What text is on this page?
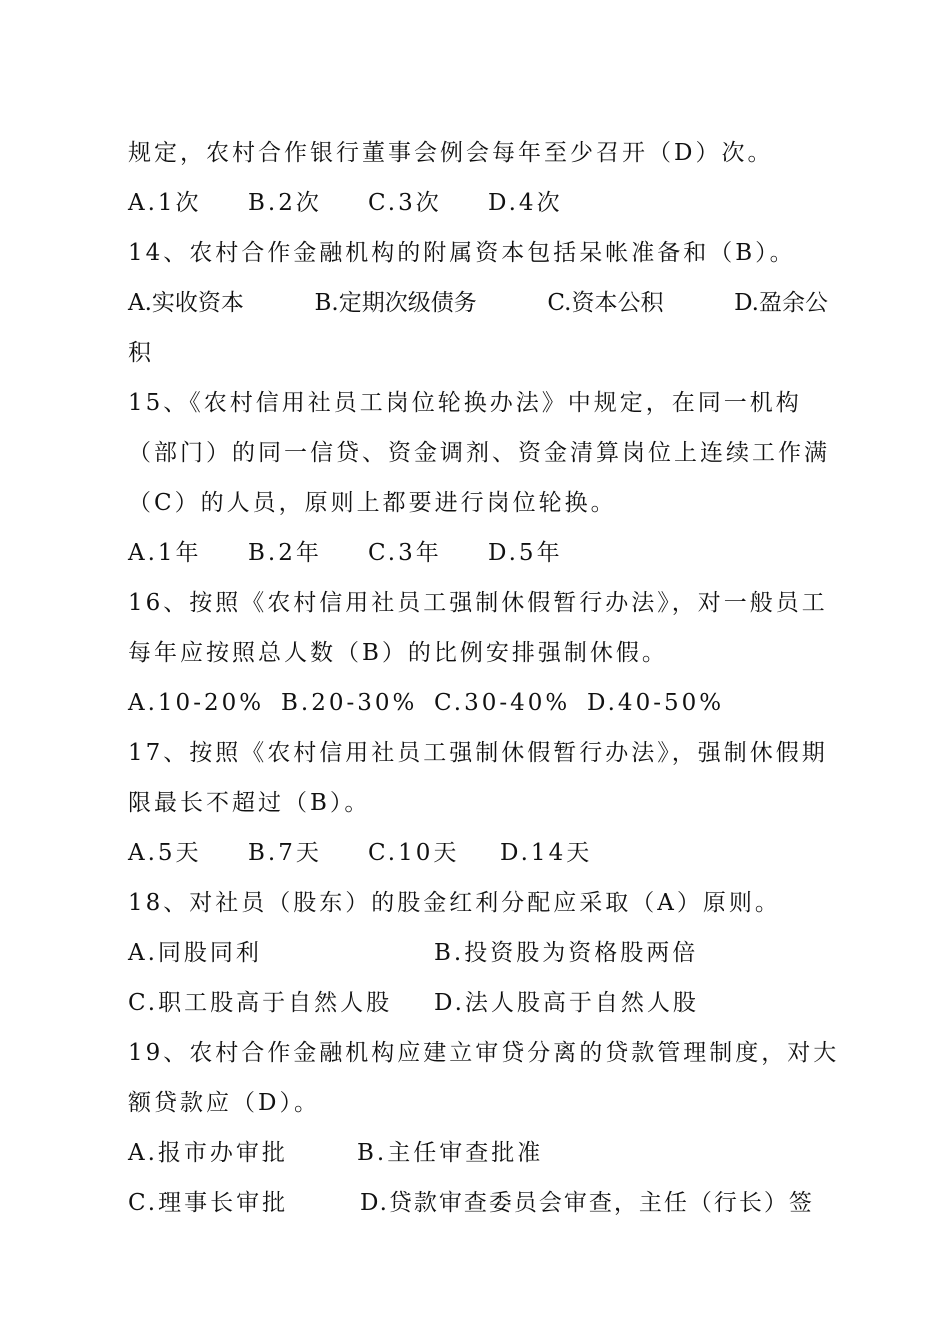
规定，农村合作银行董事会例会每年至少召开（D）次。
A.1次	B.2次	C.3次	D.4次
14、农村合作金融机构的附属资本包括呆帐准备和（B）。
A.实收资本	B.定期次级债务	C.资本公积	D.盈余公
积
15、《农村信用社员工岗位轮换办法》中规定，在同一机构
（部门）的同一信贷、资金调剂、资金清算岗位上连续工作满
（C）的人员，原则上都要进行岗位轮换。
A.1年	B.2年	C.3年	D.5年
16、按照《农村信用社员工强制休假暂行办法》，对一般员工
每年应按照总人数（B）的比例安排强制休假。
A.10-20% B.20-30% C.30-40% D.40-50%
17、按照《农村信用社员工强制休假暂行办法》，强制休假期
限最长不超过（B）。
A.5天	B.7天	C.10天	D.14天
18、对社员（股东）的股金红利分配应采取（A）原则。
A.同股同利	B.投资股为资格股两倍
C.职工股高于自然人股	D.法人股高于自然人股
19、农村合作金融机构应建立审贷分离的贷款管理制度，对大
额贷款应（D）。
A.报市办审批	B.主任审查批准
C.理事长审批	D.贷款审查委员会审查，主任（行长）签
